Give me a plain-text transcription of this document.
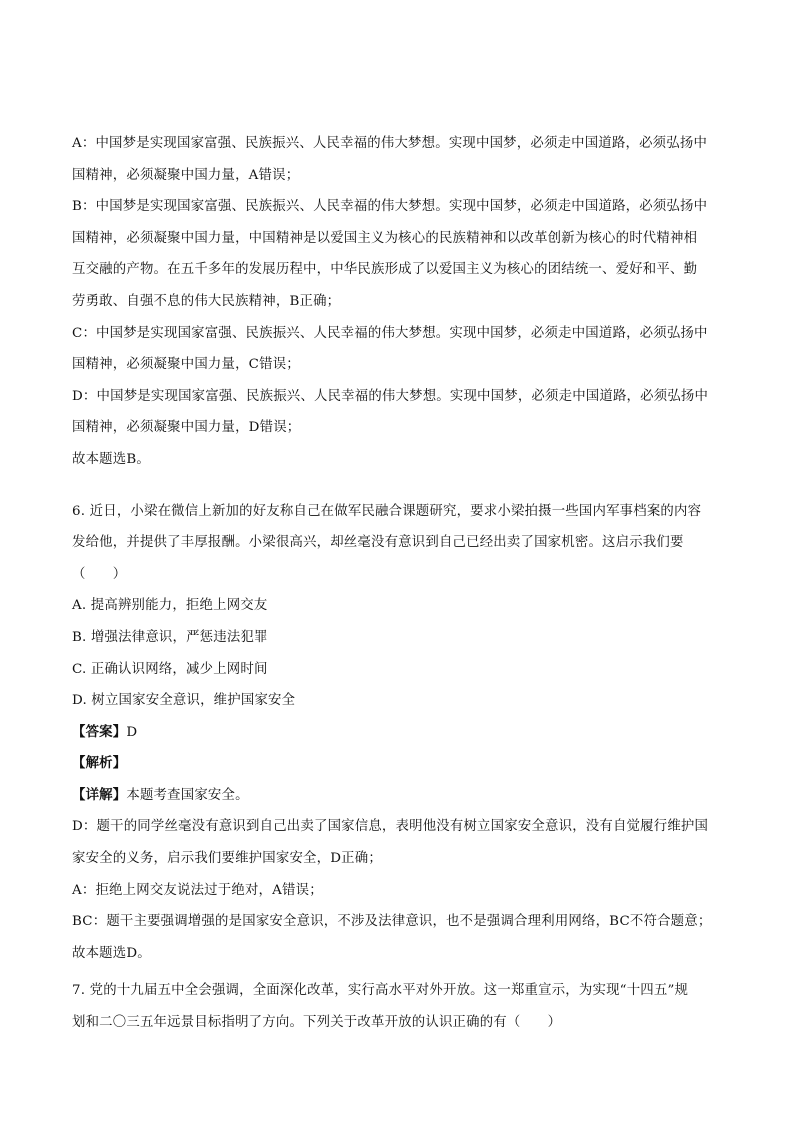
A：中国梦是实现国家富强、民族振兴、人民幸福的伟大梦想。实现中国梦，必须走中国道路，必须弘扬中
国精神，必须凝聚中国力量，A错误；
B：中国梦是实现国家富强、民族振兴、人民幸福的伟大梦想。实现中国梦，必须走中国道路，必须弘扬中
国精神，必须凝聚中国力量，中国精神是以爱国主义为核心的民族精神和以改革创新为核心的时代精神相
互交融的产物。在五千多年的发展历程中，中华民族形成了以爱国主义为核心的团结统一、爱好和平、勤
劳勇敢、自强不息的伟大民族精神，B正确；
C：中国梦是实现国家富强、民族振兴、人民幸福的伟大梦想。实现中国梦，必须走中国道路，必须弘扬中
国精神，必须凝聚中国力量，C错误；
D：中国梦是实现国家富强、民族振兴、人民幸福的伟大梦想。实现中国梦，必须走中国道路，必须弘扬中
国精神，必须凝聚中国力量，D错误；
故本题选B。
6. 近日，小梁在微信上新加的好友称自己在做军民融合课题研究，要求小梁拍摄一些国内军事档案的内容
发给他，并提供了丰厚报酬。小梁很高兴，却丝毫没有意识到自己已经出卖了国家机密。这启示我们要
（　　）
A. 提高辨别能力，拒绝上网交友
B. 增强法律意识，严惩违法犯罪
C. 正确认识网络，减少上网时间
D. 树立国家安全意识，维护国家安全
【答案】D
【解析】
【详解】本题考查国家安全。
D：题干的同学丝毫没有意识到自己出卖了国家信息，表明他没有树立国家安全意识，没有自觉履行维护国
家安全的义务，启示我们要维护国家安全，D正确；
A：拒绝上网交友说法过于绝对，A错误；
BC：题干主要强调增强的是国家安全意识，不涉及法律意识，也不是强调合理利用网络，BC不符合题意；
故本题选D。
7. 党的十九届五中全会强调，全面深化改革，实行高水平对外开放。这一郑重宣示，为实现“十四五”规
划和二〇三五年远景目标指明了方向。下列关于改革开放的认识正确的有（　　）
